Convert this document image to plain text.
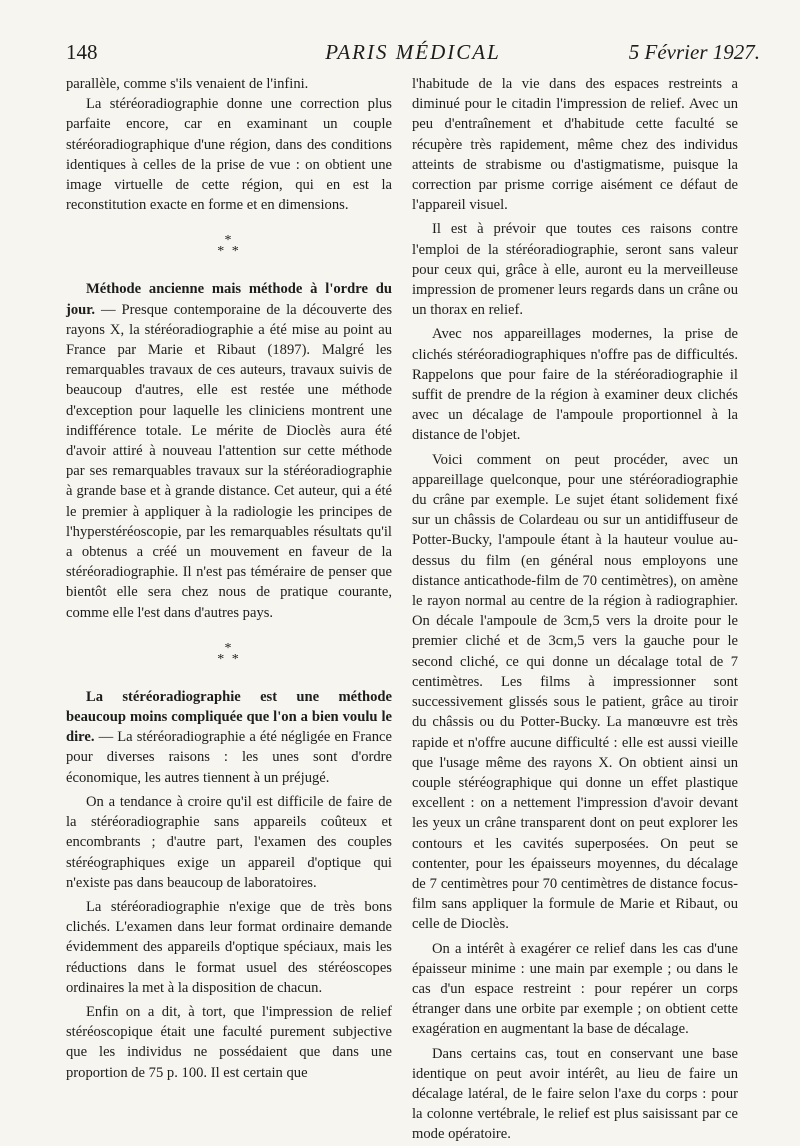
148	PARIS MÉDICAL	5 Février 1927.

parallèle, comme s'ils venaient de l'infini.

La stéréoradiographie donne une correction plus parfaite encore, car en examinant un couple stéréoradiographique d'une région, dans des conditions identiques à celles de la prise de vue : on obtient une image virtuelle de cette région, qui en est la reconstitution exacte en forme et en dimensions.

*
* *

Méthode ancienne mais méthode à l'ordre du jour. — Presque contemporaine de la découverte des rayons X, la stéréoradiographie a été mise au point au France par Marie et Ribaut (1897). Malgré les remarquables travaux de ces auteurs, travaux suivis de beaucoup d'autres, elle est restée une méthode d'exception pour laquelle les cliniciens montrent une indifférence totale. Le mérite de Dioclès aura été d'avoir attiré à nouveau l'attention sur cette méthode par ses remarquables travaux sur la stéréoradiographie à grande base et à grande distance. Cet auteur, qui a été le premier à appliquer à la radiologie les principes de l'hyperstéréoscopie, par les remarquables résultats qu'il a obtenus a créé un mouvement en faveur de la stéréoradiographie. Il n'est pas téméraire de penser que bientôt elle sera chez nous de pratique courante, comme elle l'est dans d'autres pays.

*
* *

La stéréoradiographie est une méthode beaucoup moins compliquée que l'on a bien voulu le dire. — La stéréoradiographie a été négligée en France pour diverses raisons : les unes sont d'ordre économique, les autres tiennent à un préjugé.

On a tendance à croire qu'il est difficile de faire de la stéréoradiographie sans appareils coûteux et encombrants ; d'autre part, l'examen des couples stéréographiques exige un appareil d'optique qui n'existe pas dans beaucoup de laboratoires.

La stéréoradiographie n'exige que de très bons clichés. L'examen dans leur format ordinaire demande évidemment des appareils d'optique spéciaux, mais les réductions dans le format usuel des stéréoscopes ordinaires la met à la disposition de chacun.

Enfin on a dit, à tort, que l'impression de relief stéréoscopique était une faculté purement subjective que les individus ne possédaient que dans une proportion de 75 p. 100. Il est certain que

l'habitude de la vie dans des espaces restreints a diminué pour le citadin l'impression de relief. Avec un peu d'entraînement et d'habitude cette faculté se récupère très rapidement, même chez des individus atteints de strabisme ou d'astigmatisme, puisque la correction par prisme corrige aisément ce défaut de l'appareil visuel.

Il est à prévoir que toutes ces raisons contre l'emploi de la stéréoradiographie, seront sans valeur pour ceux qui, grâce à elle, auront eu la merveilleuse impression de promener leurs regards dans un crâne ou un thorax en relief.

Avec nos appareillages modernes, la prise de clichés stéréoradiographiques n'offre pas de difficultés. Rappelons que pour faire de la stéréoradiographie il suffit de prendre de la région à examiner deux clichés avec un décalage de l'ampoule proportionnel à la distance de l'objet.

Voici comment on peut procéder, avec un appareillage quelconque, pour une stéréoradiographie du crâne par exemple. Le sujet étant solidement fixé sur un châssis de Colardeau ou sur un antidiffuseur de Potter-Bucky, l'ampoule étant à la hauteur voulue au-dessus du film (en général nous employons une distance anticathode-film de 70 centimètres), on amène le rayon normal au centre de la région à radiographier. On décale l'ampoule de 3cm,5 vers la droite pour le premier cliché et de 3cm,5 vers la gauche pour le second cliché, ce qui donne un décalage total de 7 centimètres. Les films à impressionner sont successivement glissés sous le patient, grâce au tiroir du châssis ou du Potter-Bucky. La manœuvre est très rapide et n'offre aucune difficulté : elle est aussi vieille que l'usage même des rayons X. On obtient ainsi un couple stéréographique qui donne un effet plastique excellent : on a nettement l'impression d'avoir devant les yeux un crâne transparent dont on peut explorer les contours et les cavités superposées. On peut se contenter, pour les épaisseurs moyennes, du décalage de 7 centimètres pour 70 centimètres de distance focus-film sans appliquer la formule de Marie et Ribaut, ou celle de Dioclès.

On a intérêt à exagérer ce relief dans les cas d'une épaisseur minime : une main par exemple ; ou dans le cas d'un espace restreint : pour repérer un corps étranger dans une orbite par exemple ; on obtient cette exagération en augmentant la base de décalage.

Dans certains cas, tout en conservant une base identique on peut avoir intérêt, au lieu de faire un décalage latéral, de le faire selon l'axe du corps : pour la colonne vertébrale, le relief est plus saisissant par ce mode opératoire.
